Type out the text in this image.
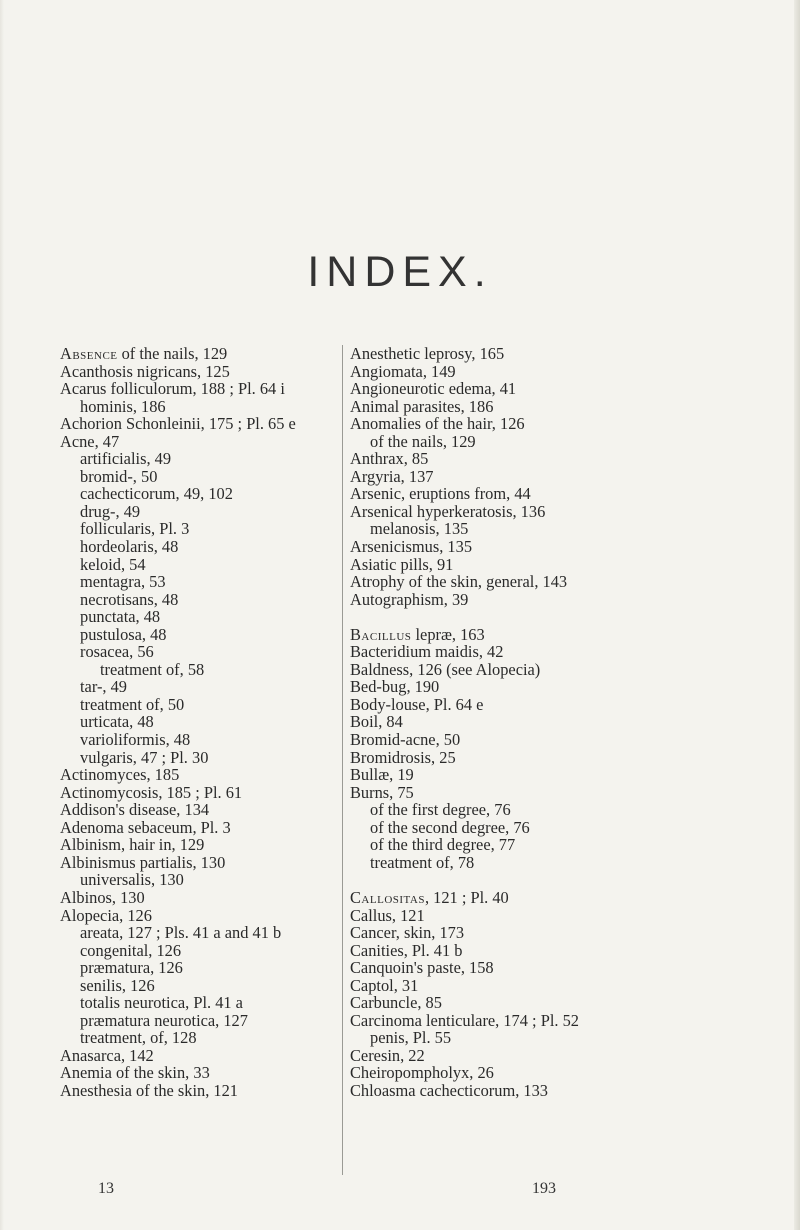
INDEX.
Absence of the nails, 129
Acanthosis nigricans, 125
Acarus folliculorum, 188 ; Pl. 64 i
hominis, 186
Achorion Schonleinii, 175 ; Pl. 65 e
Acne, 47
artificialis, 49
bromid-, 50
cachecticorum, 49, 102
drug-, 49
follicularis, Pl. 3
hordeolaris, 48
keloid, 54
mentagra, 53
necrotisans, 48
punctata, 48
pustulosa, 48
rosacea, 56
treatment of, 58
tar-, 49
treatment of, 50
urticata, 48
varioliformis, 48
vulgaris, 47 ; Pl. 30
Actinomyces, 185
Actinomycosis, 185 ; Pl. 61
Addison's disease, 134
Adenoma sebaceum, Pl. 3
Albinism, hair in, 129
Albinismus partialis, 130
universalis, 130
Albinos, 130
Alopecia, 126
areata, 127 ; Pls. 41 a and 41 b
congenital, 126
præmatura, 126
senilis, 126
totalis neurotica, Pl. 41 a
præmatura neurotica, 127
treatment, of, 128
Anasarca, 142
Anemia of the skin, 33
Anesthesia of the skin, 121
Anesthetic leprosy, 165
Angiomata, 149
Angioneurotic edema, 41
Animal parasites, 186
Anomalies of the hair, 126
of the nails, 129
Anthrax, 85
Argyria, 137
Arsenic, eruptions from, 44
Arsenical hyperkeratosis, 136
melanosis, 135
Arsenicismus, 135
Asiatic pills, 91
Atrophy of the skin, general, 143
Autographism, 39
Bacillus lepræ, 163
Bacteridium maidis, 42
Baldness, 126 (see Alopecia)
Bed-bug, 190
Body-louse, Pl. 64 e
Boil, 84
Bromid-acne, 50
Bromidrosis, 25
Bullæ, 19
Burns, 75
of the first degree, 76
of the second degree, 76
of the third degree, 77
treatment of, 78
Callositas, 121 ; Pl. 40
Callus, 121
Cancer, skin, 173
Canities, Pl. 41 b
Canquoin's paste, 158
Captol, 31
Carbuncle, 85
Carcinoma lenticulare, 174 ; Pl. 52
penis, Pl. 55
Ceresin, 22
Cheiropompholyx, 26
Chloasma cachecticorum, 133
13	193
